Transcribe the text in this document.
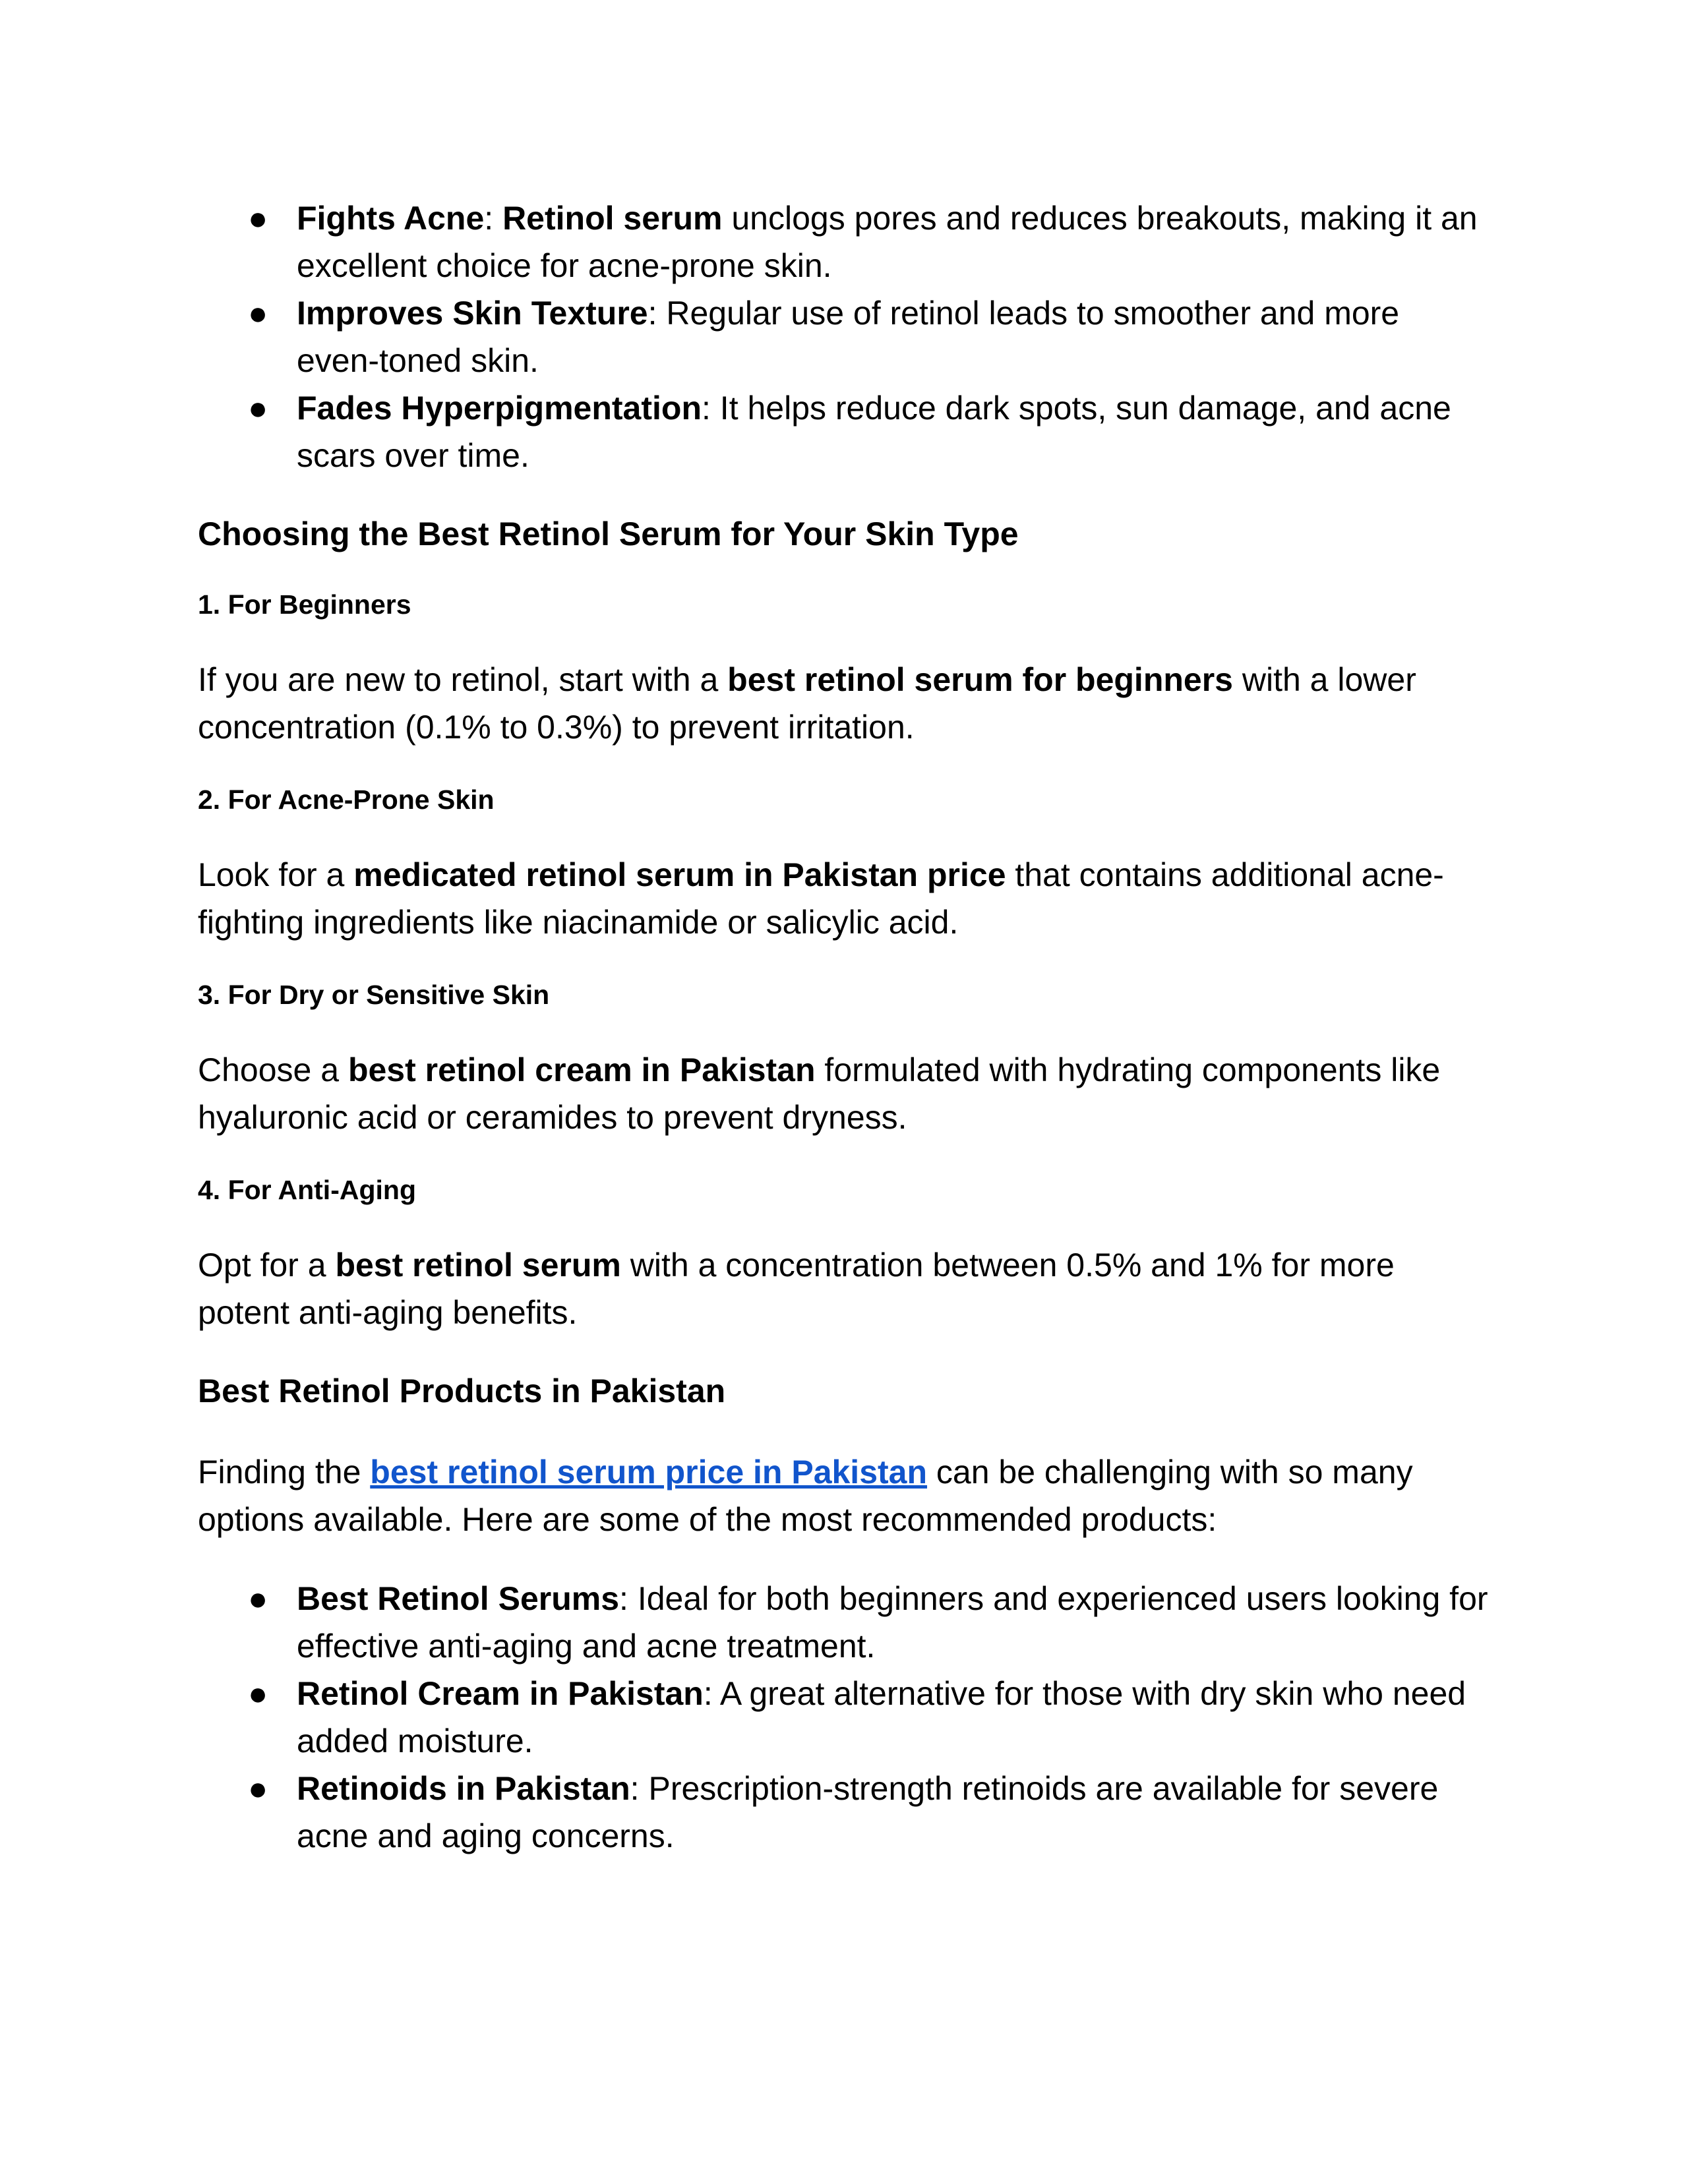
● Fights Acne: Retinol serum unclogs pores and reduces breakouts, making it an excellent choice for acne-prone skin.
● Improves Skin Texture: Regular use of retinol leads to smoother and more even-toned skin.
● Fades Hyperpigmentation: It helps reduce dark spots, sun damage, and acne scars over time.
Choosing the Best Retinol Serum for Your Skin Type
1. For Beginners

If you are new to retinol, start with a best retinol serum for beginners with a lower concentration (0.1% to 0.3%) to prevent irritation.

2. For Acne-Prone Skin

Look for a medicated retinol serum in Pakistan price that contains additional acne-fighting ingredients like niacinamide or salicylic acid.

3. For Dry or Sensitive Skin

Choose a best retinol cream in Pakistan formulated with hydrating components like hyaluronic acid or ceramides to prevent dryness.

4. For Anti-Aging

Opt for a best retinol serum with a concentration between 0.5% and 1% for more potent anti-aging benefits.

Best Retinol Products in Pakistan

Finding the best retinol serum price in Pakistan can be challenging with so many options available. Here are some of the most recommended products:

● Best Retinol Serums: Ideal for both beginners and experienced users looking for effective anti-aging and acne treatment.
● Retinol Cream in Pakistan: A great alternative for those with dry skin who need added moisture.
● Retinoids in Pakistan: Prescription-strength retinoids are available for severe acne and aging concerns.
